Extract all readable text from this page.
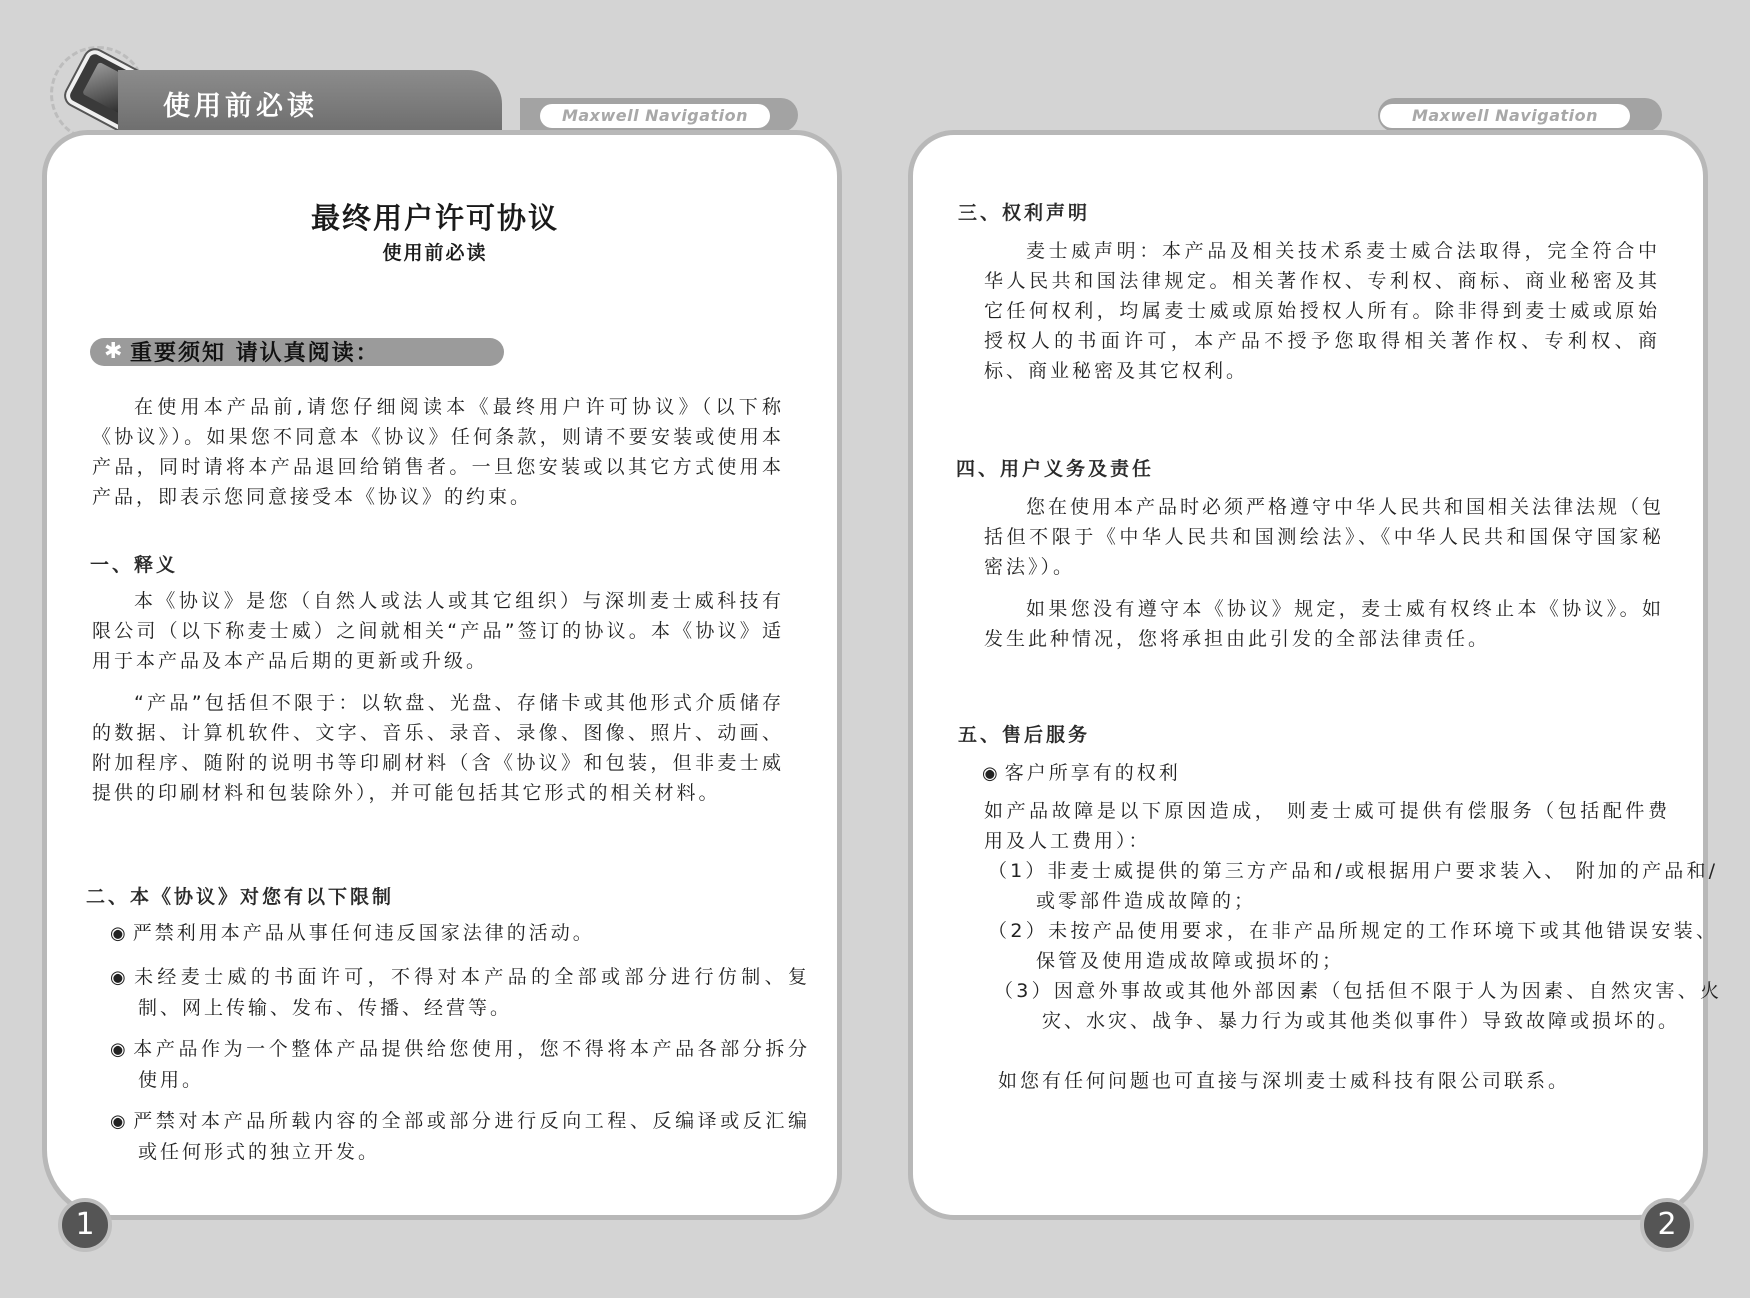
使用前必读	Maxwell Navigation	Maxwell Navigation
最终用户许可协议
使用前必读
✱ 重要须知 请认真阅读：
在使用本产品前,请您仔细阅读本《最终用户许可协议》（以下称《协议》）。如果您不同意本《协议》任何条款，则请不要安装或使用本产品，同时请将本产品退回给销售者。一旦您安装或以其它方式使用本产品，即表示您同意接受本《协议》的约束。
一、释义
本《协议》是您（自然人或法人或其它组织）与深圳麦士威科技有限公司（以下称麦士威）之间就相关“产品”签订的协议。本《协议》适用于本产品及本产品后期的更新或升级。
“产品”包括但不限于：以软盘、光盘、存储卡或其他形式介质储存的数据、计算机软件、文字、音乐、录音、录像、图像、照片、动画、附加程序、随附的说明书等印刷材料（含《协议》和包装，但非麦士威提供的印刷材料和包装除外），并可能包括其它形式的相关材料。
二、本《协议》对您有以下限制
◉ 严禁利用本产品从事任何违反国家法律的活动。
◉ 未经麦士威的书面许可，不得对本产品的全部或部分进行仿制、复制、网上传输、发布、传播、经营等。
◉ 本产品作为一个整体产品提供给您使用，您不得将本产品各部分拆分使用。
◉ 严禁对本产品所载内容的全部或部分进行反向工程、反编译或反汇编或任何形式的独立开发。
1
三、权利声明
麦士威声明：本产品及相关技术系麦士威合法取得，完全符合中华人民共和国法律规定。相关著作权、专利权、商标、商业秘密及其它任何权利，均属麦士威或原始授权人所有。除非得到麦士威或原始授权人的书面许可，本产品不授予您取得相关著作权、专利权、商标、商业秘密及其它权利。
四、用户义务及责任
您在使用本产品时必须严格遵守中华人民共和国相关法律法规（包括但不限于《中华人民共和国测绘法》、《中华人民共和国保守国家秘密法》）。
如果您没有遵守本《协议》规定，麦士威有权终止本《协议》。如发生此种情况，您将承担由此引发的全部法律责任。
五、售后服务
◉ 客户所享有的权利
如产品故障是以下原因造成， 则麦士威可提供有偿服务（包括配件费用及人工费用）：
（1）非麦士威提供的第三方产品和/或根据用户要求装入、 附加的产品和/或零部件造成故障的；
（2）未按产品使用要求，在非产品所规定的工作环境下或其他错误安装、保管及使用造成故障或损坏的；
（3）因意外事故或其他外部因素（包括但不限于人为因素、自然灾害、火灾、水灾、战争、暴力行为或其他类似事件）导致故障或损坏的。
如您有任何问题也可直接与深圳麦士威科技有限公司联系。
2
